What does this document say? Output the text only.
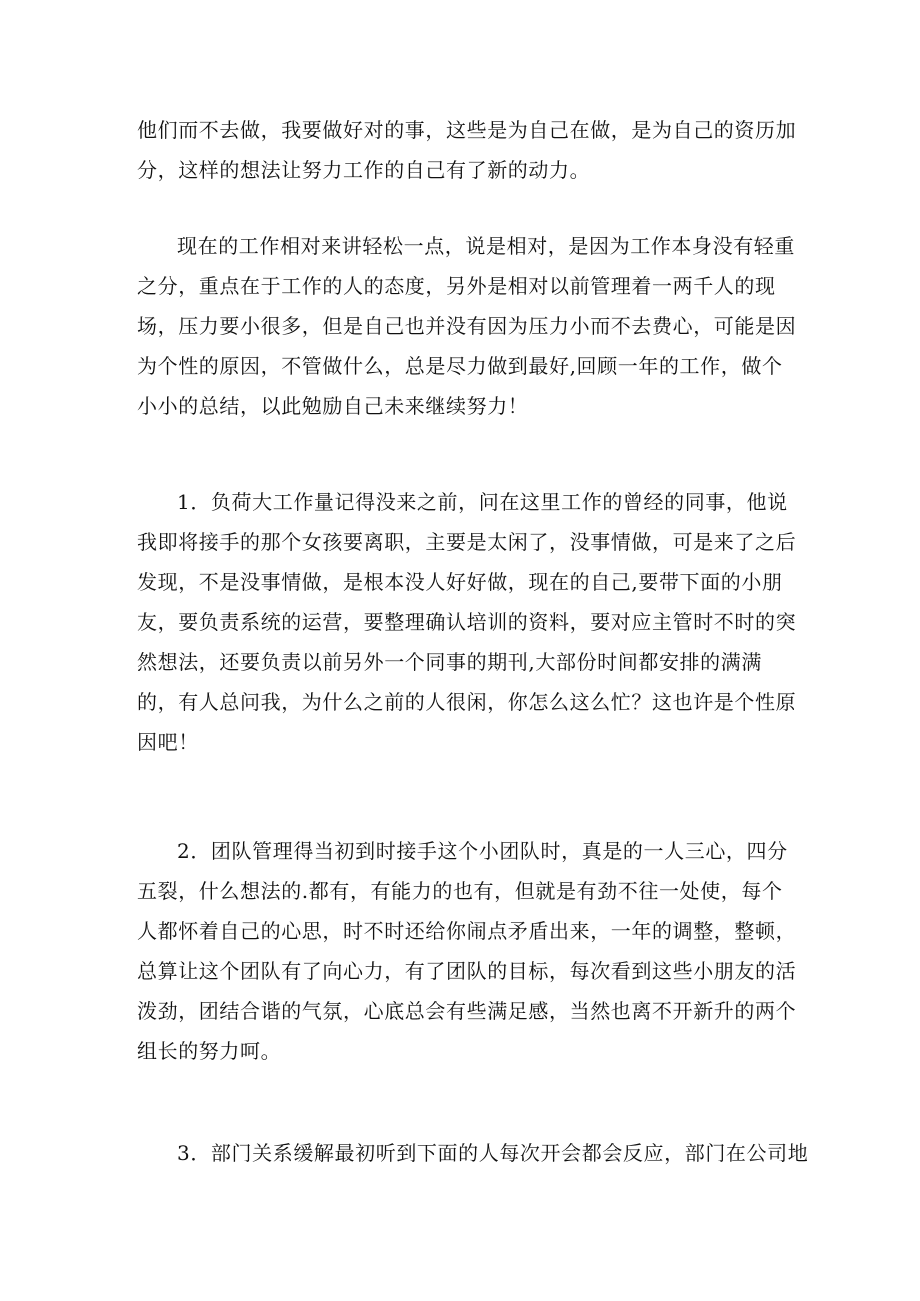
他们而不去做，我要做好对的事，这些是为自己在做，是为自己的资历加
分，这样的想法让努力工作的自己有了新的动力。
现在的工作相对来讲轻松一点，说是相对，是因为工作本身没有轻重
之分，重点在于工作的人的态度，另外是相对以前管理着一两千人的现
场，压力要小很多，但是自己也并没有因为压力小而不去费心，可能是因
为个性的原因，不管做什么，总是尽力做到最好,回顾一年的工作，做个
小小的总结，以此勉励自己未来继续努力！
1．负荷大工作量记得没来之前，问在这里工作的曾经的同事，他说
我即将接手的那个女孩要离职，主要是太闲了，没事情做，可是来了之后
发现，不是没事情做，是根本没人好好做，现在的自己,要带下面的小朋
友，要负责系统的运营，要整理确认培训的资料，要对应主管时不时的突
然想法，还要负责以前另外一个同事的期刊,大部份时间都安排的满满
的，有人总问我，为什么之前的人很闲，你怎么这么忙？这也许是个性原
因吧！
2．团队管理得当初到时接手这个小团队时，真是的一人三心，四分
五裂，什么想法的.都有，有能力的也有，但就是有劲不往一处使，每个
人都怀着自己的心思，时不时还给你闹点矛盾出来，一年的调整，整顿，
总算让这个团队有了向心力，有了团队的目标，每次看到这些小朋友的活
泼劲，团结合谐的气氛，心底总会有些满足感，当然也离不开新升的两个
组长的努力呵。
3．部门关系缓解最初听到下面的人每次开会都会反应，部门在公司地
